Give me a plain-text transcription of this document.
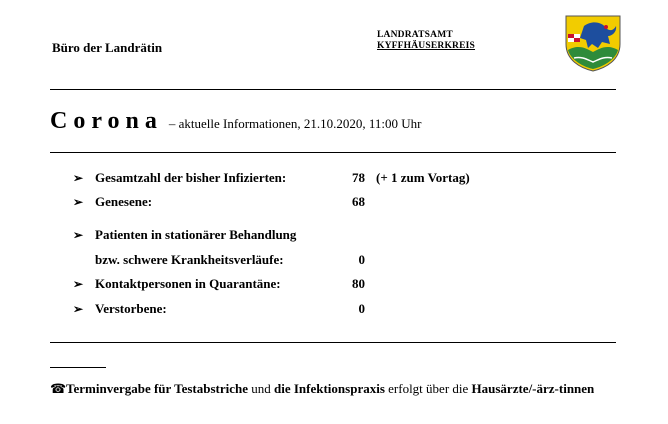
Büro der Landrätin
LANDRATSAMT
KYFFHÄUSERKREIS
Corona – aktuelle Informationen, 21.10.2020, 11:00 Uhr
➢ Gesamtzahl der bisher Infizierten:	78 (+ 1 zum Vortag)
➢ Genesene:	68
➢ Patienten in stationärer Behandlung
bzw. schwere Krankheitsverläufe:	0
➢ Kontaktpersonen in Quarantäne:	80
➢ Verstorbene:	0
☎Terminvergabe für Testabstriche und die Infektionspraxis erfolgt über die Hausärzte/-ärz-tinnen
